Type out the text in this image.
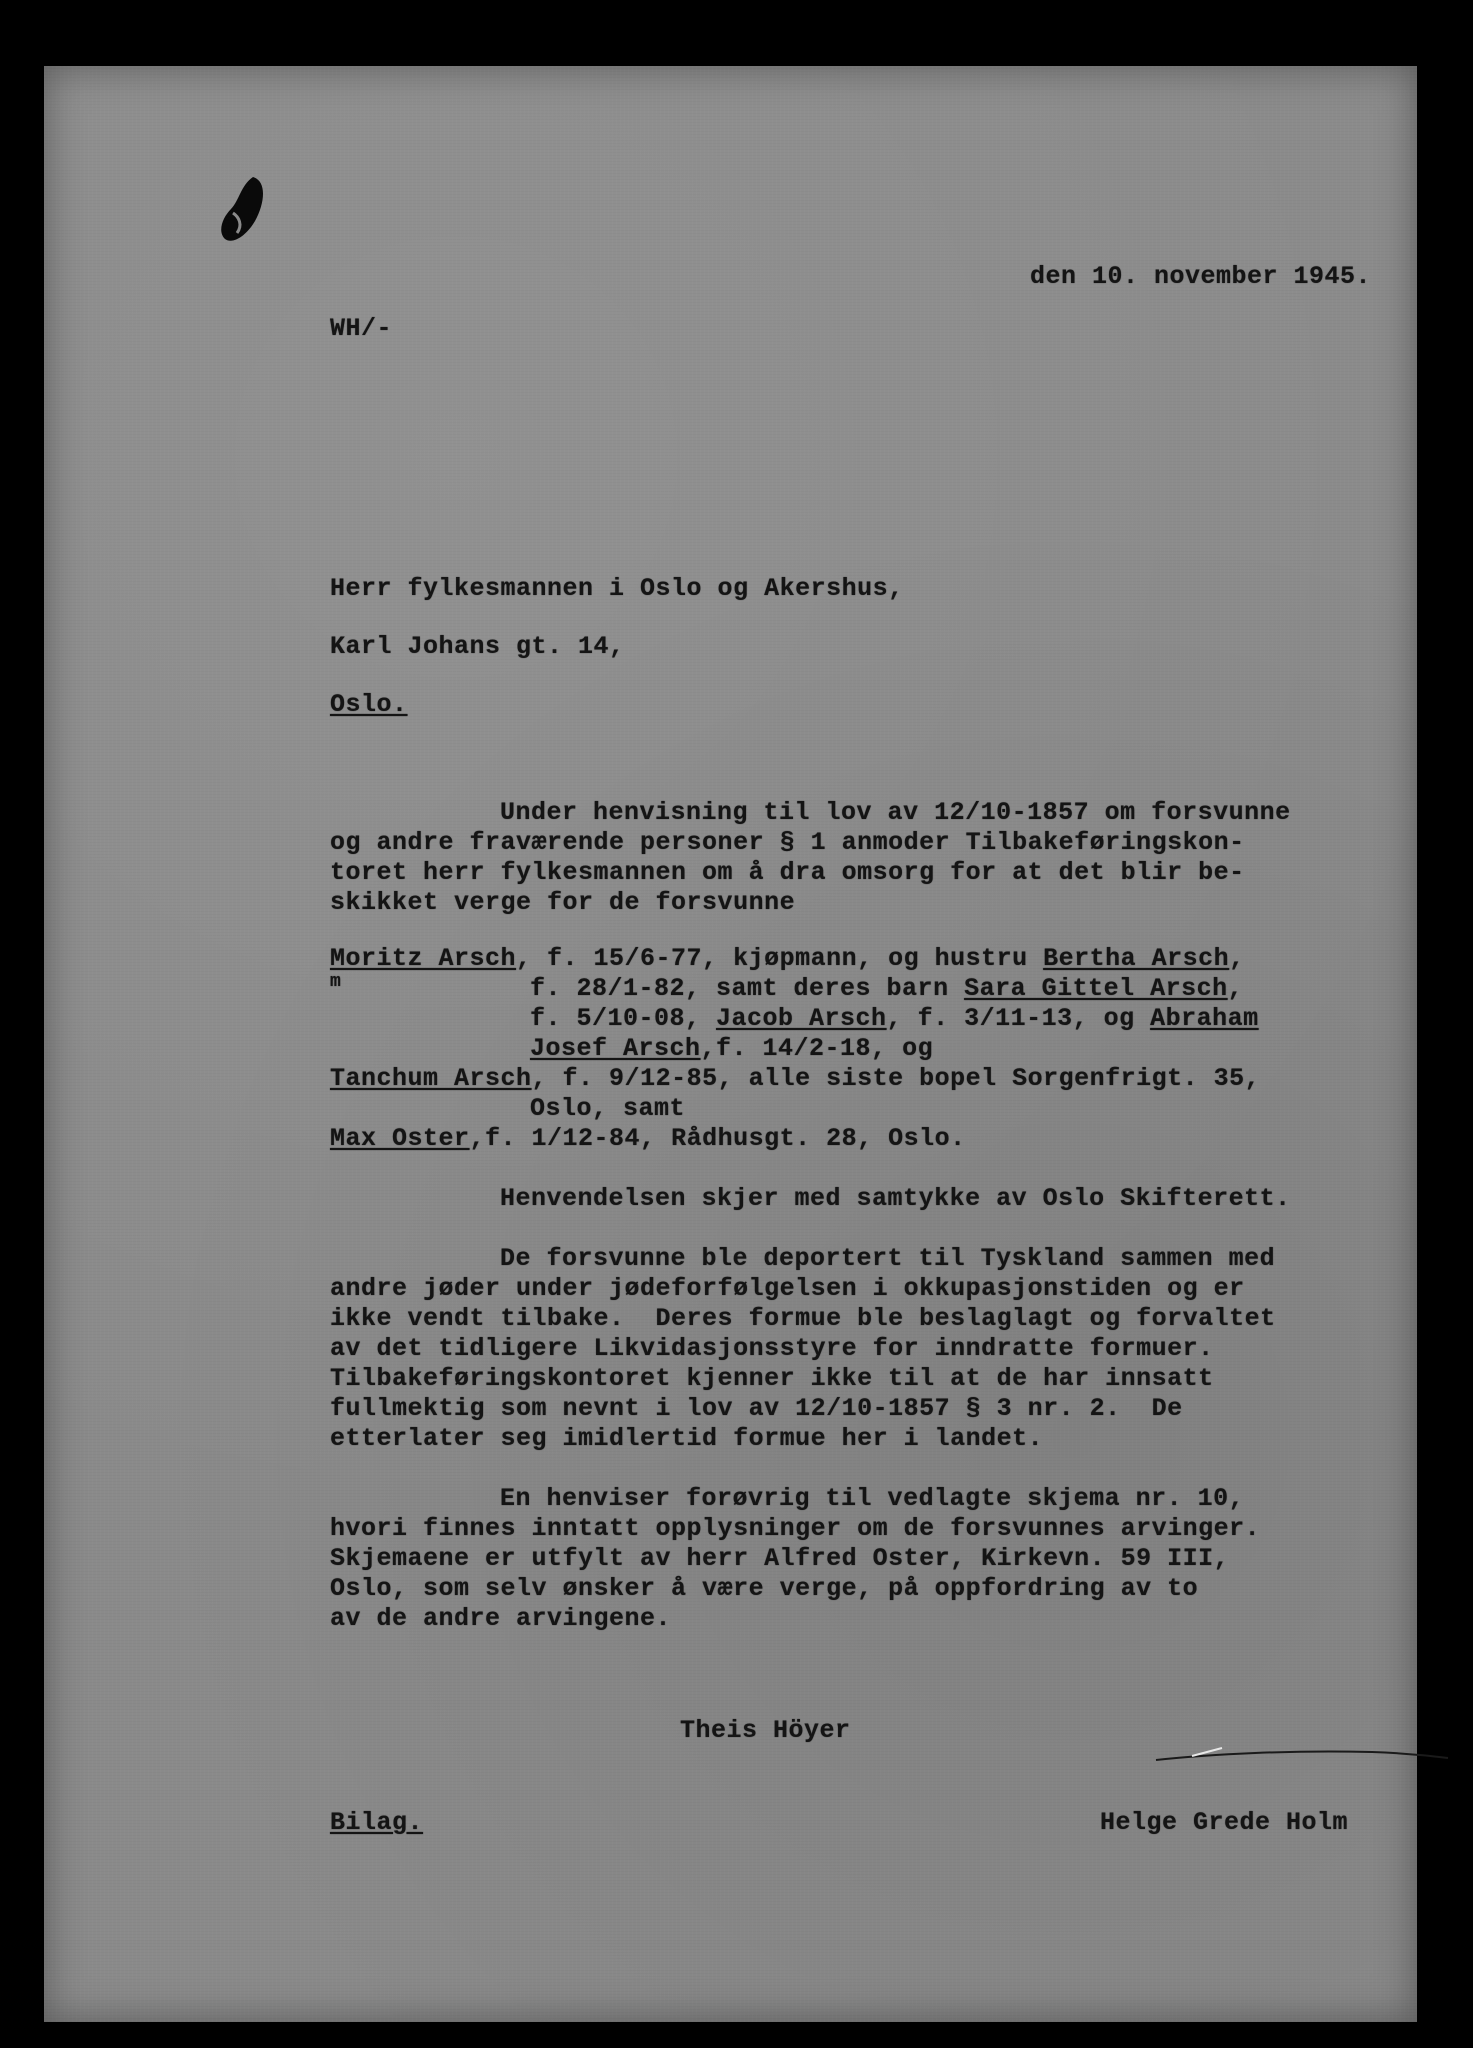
den 10. november 1945.
WH/-
Herr fylkesmannen i Oslo og Akershus,
Karl Johans gt. 14,
Oslo.
Under henvisning til lov av 12/10-1857 om forsvunne
og andre fraværende personer § 1 anmoder Tilbakeføringskon-
toret herr fylkesmannen om å dra omsorg for at det blir be-
skikket verge for de forsvunne
Moritz Arsch, f. 15/6-77, kjøpmann, og hustru Bertha Arsch,
m	f. 28/1-82, samt deres barn Sara Gittel Arsch,
f. 5/10-08, Jacob Arsch, f. 3/11-13, og Abraham
Josef Arsch,f. 14/2-18, og
Tanchum Arsch, f. 9/12-85, alle siste bopel Sorgenfrigt. 35,
Oslo, samt
Max Oster,f. 1/12-84, Rådhusgt. 28, Oslo.
Henvendelsen skjer med samtykke av Oslo Skifterett.
De forsvunne ble deportert til Tyskland sammen med
andre jøder under jødeforfølgelsen i okkupasjonstiden og er
ikke vendt tilbake.  Deres formue ble beslaglagt og forvaltet
av det tidligere Likvidasjonsstyre for inndratte formuer.
Tilbakeføringskontoret kjenner ikke til at de har innsatt
fullmektig som nevnt i lov av 12/10-1857 § 3 nr. 2.  De
etterlater seg imidlertid formue her i landet.
En henviser forøvrig til vedlagte skjema nr. 10,
hvori finnes inntatt opplysninger om de forsvunnes arvinger.
Skjemaene er utfylt av herr Alfred Oster, Kirkevn. 59 III,
Oslo, som selv ønsker å være verge, på oppfordring av to
av de andre arvingene.
Theis Höyer
Bilag.	Helge Grede Holm
